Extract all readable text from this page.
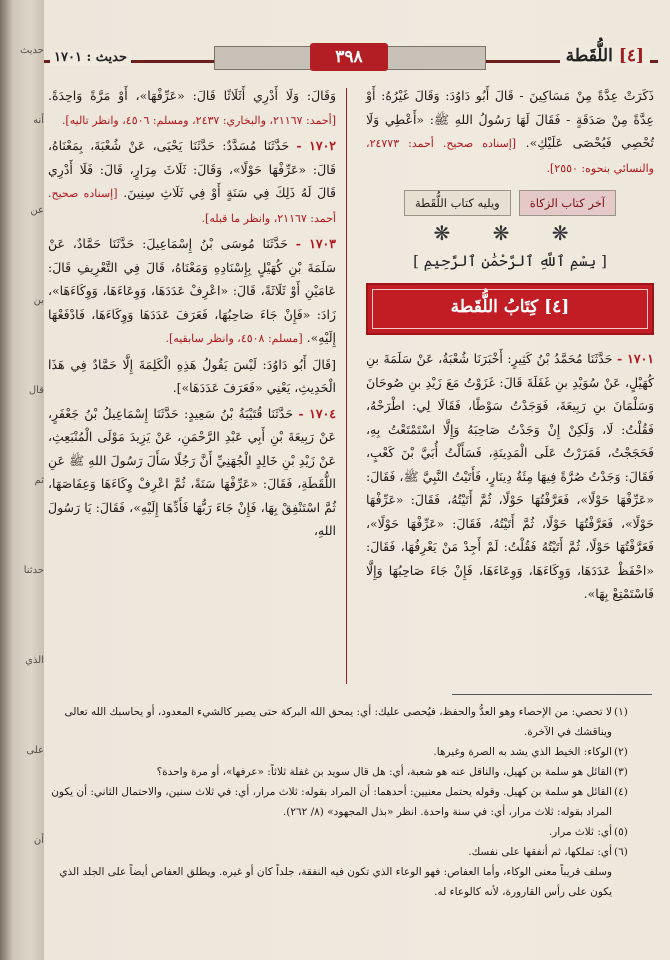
حديث
أنه
عن
بن
قال
ثم
حدثنا
الذي
على
أن
[٤] اللُّقَطة
٣٩٨
حديث : ١٧٠١

ذَكَرَتْ عِدَّةً مِنْ مَسَاكِينَ - قَالَ أَبُو دَاوُدَ: وَقَالَ غَيْرُهُ: أَوْ عِدَّةً مِنْ صَدَقَةٍ - فَقَالَ لَهَا رَسُولُ اللهِ ﷺ: «أَعْطِي وَلَا تُحْصِي فَيُحْصَى عَلَيْكِ». [إسناده صحيح. أحمد: ٢٤٧٧٣، والنسائي بنحوه: ٢٥٥٠].

آخر كتاب الزكاة
ويليه كتاب اللُّقَطة
❋ ❋ ❋
[ بِسْمِ ٱللَّهِ ٱلرَّحْمَٰنِ ٱلرَّحِيمِ ]
[٤] كِتَابُ اللُّقَطة

١٧٠١ - حَدَّثَنَا مُحَمَّدُ بْنُ كَثِيرٍ: أَخْبَرَنَا شُعْبَةُ، عَنْ سَلَمَةَ بنِ كُهَيْلٍ، عَنْ سُوَيْدِ بنِ غَفَلَةَ قَالَ: غَزَوْتُ مَعَ زَيْدِ بنِ صُوحَانَ وَسَلْمَانَ بنِ رَبِيعَةَ، فَوَجَدْتُ سَوْطًا، فَقَالَا لِي: اطْرَحْهُ، فَقُلْتُ: لَا، وَلَكِنْ إِنْ وَجَدْتُ صَاحِبَهُ وَإِلَّا اسْتَمْتَعْتُ بِهِ، فَحَجَجْتُ، فَمَرَرْتُ عَلَى الْمَدِينَةِ، فَسَأَلْتُ أُبَيَّ بْنَ كَعْبٍ، فَقَالَ: وَجَدْتُ صُرَّةً فِيهَا مِئَةُ دِينَارٍ، فَأَتَيْتُ النَّبِيَّ ﷺ، فَقَالَ: «عَرِّفْهَا حَوْلًا»، فَعَرَّفْتُهَا حَوْلًا، ثُمَّ أَتَيْتُهُ، فَقَالَ: «عَرِّفْهَا حَوْلًا»، فَعَرَّفْتُهَا حَوْلًا، ثُمَّ أَتَيْتُهُ، فَقَالَ: «عَرِّفْهَا حَوْلًا»، فَعَرَّفْتُهَا حَوْلًا، ثُمَّ أَتَيْتُهُ فَقُلْتُ: لَمْ أَجِدْ مَنْ يَعْرِفُهَا، فَقَالَ: «احْفَظْ عَدَدَهَا، وَوِكَاءَهَا، وَوِعَاءَهَا، فَإِنْ جَاءَ صَاحِبُهَا وَإِلَّا فَاسْتَمْتِعْ بِهَا».

وَقَالَ: وَلَا أَدْرِي أَثَلَاثًا قَالَ: «عَرِّفْهَا»، أَوْ مَرَّةً وَاحِدَةً. [أحمد: ٢١١٦٧، والبخاري: ٢٤٣٧، ومسلم: ٤٥٠٦، وانظر تاليه].

١٧٠٢ - حَدَّثَنَا مُسَدَّدٌ: حَدَّثَنَا يَحْيَى، عَنْ شُعْبَةَ، بِمَعْنَاهُ، قَالَ: «عَرِّفْهَا حَوْلًا»، وَقَالَ: ثَلَاثَ مِرَارٍ، قَالَ: فَلَا أَدْرِي قَالَ لَهُ ذَلِكَ فِي سَنَةٍ أَوْ فِي ثَلَاثِ سِنِينَ. [إسناده صحيح. أحمد: ٢١١٦٧، وانظر ما قبله].

١٧٠٣ - حَدَّثَنَا مُوسَى بْنُ إِسْمَاعِيلَ: حَدَّثَنَا حَمَّادٌ، عَنْ سَلَمَةَ بْنِ كُهَيْلٍ بِإِسْنَادِهِ وَمَعْنَاهُ، قَالَ فِي التَّعْرِيفِ قَالَ: عَامَيْنِ أَوْ ثَلَاثَةً، قَالَ: «اعْرِفْ عَدَدَهَا، وَوِعَاءَهَا، وَوِكَاءَهَا»، زَادَ: «فَإِنْ جَاءَ صَاحِبُهَا، فَعَرَفَ عَدَدَهَا وَوِكَاءَهَا، فَادْفَعْهَا إِلَيْهِ». [مسلم: ٤٥٠٨، وانظر سابقيه].

[قَالَ أَبُو دَاوُدَ: لَيْسَ يَقُولُ هَذِهِ الْكَلِمَةَ إِلَّا حَمَّادٌ فِي هَذَا الْحَدِيثِ، يَعْنِي «فَعَرَفَ عَدَدَهَا»].

١٧٠٤ - حَدَّثَنَا قُتَيْبَةُ بْنُ سَعِيدٍ: حَدَّثَنَا إِسْمَاعِيلُ بْنُ جَعْفَرٍ، عَنْ رَبِيعَةَ بْنِ أَبِي عَبْدِ الرَّحْمَنِ، عَنْ يَزِيدَ مَوْلَى الْمُنْبَعِثِ، عَنْ زَيْدِ بْنِ خَالِدٍ الْجُهَنِيِّ أَنَّ رَجُلًا سَأَلَ رَسُولَ اللهِ ﷺ عَنِ اللُّقَطَةِ، فَقَالَ: «عَرِّفْهَا سَنَةً، ثُمَّ اعْرِفْ وِكَاءَهَا وَعِفَاصَهَا، ثُمَّ اسْتَنْفِقْ بِهَا، فَإِنْ جَاءَ رَبُّهَا فَأَدِّهَا إِلَيْهِ»، فَقَالَ: يَا رَسُولَ اللهِ،

(١)
لا تحصي: من الإحصاء وهو العدُّ والحفظ، فيُحصى عليك: أي: يمحق الله البركة حتى يصير كالشيء المعدود، أو يحاسبك الله تعالى ويناقشك في الآخرة.
(٢)
الوكاء: الخيط الذي يشد به الصرة وغيرها.
(٣)
القائل هو سلمة بن كهيل، والناقل عنه هو شعبة، أي: هل قال سويد بن غفلة ثلاثاً: «عرفها»، أو مرة واحدة؟
(٤)
القائل هو سلمة بن كهيل. وقوله يحتمل معنيين: أحدهما: أن المراد بقوله: ثلاث مرار، أي: في ثلاث سنين، والاحتمال الثاني: أن يكون المراد بقوله: ثلاث مرار، أي: في سنة واحدة. انظر «بذل المجهود» (٨/ ٢٦٢).
(٥)
أي: ثلاث مرار.
(٦)
أي: تملكها، ثم أنفقها على نفسك.
وسلف قريباً معنى الوكاء، وأما العفاص: فهو الوعاء الذي تكون فيه النفقة، جلداً كان أو غيره. ويطلق العفاص أيضاً على الجلد الذي يكون على رأس القارورة، لأنه كالوعاء له.
